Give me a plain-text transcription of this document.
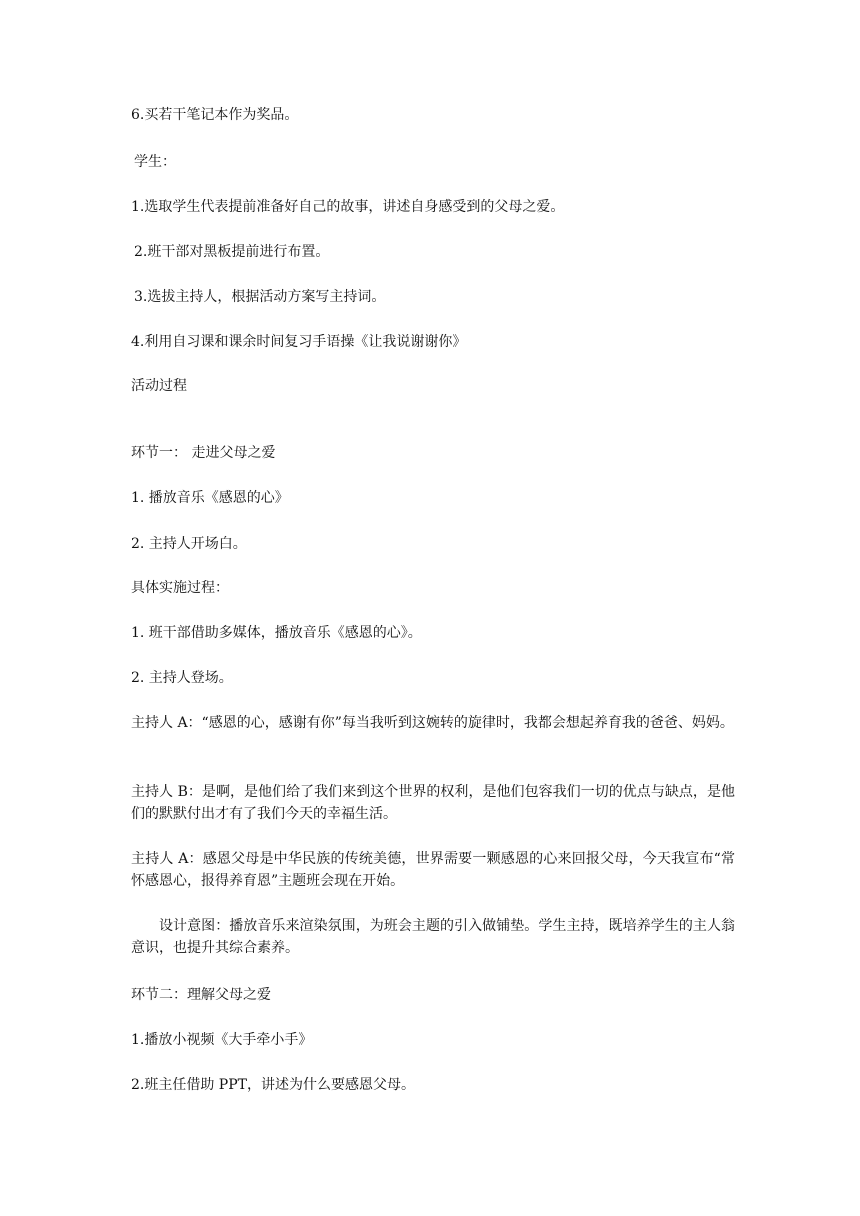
6.买若干笔记本作为奖品。
学生：
1.选取学生代表提前准备好自己的故事，讲述自身感受到的父母之爱。
2.班干部对黑板提前进行布置。
3.选拔主持人，根据活动方案写主持词。
4.利用自习课和课余时间复习手语操《让我说谢谢你》
活动过程
环节一： 走进父母之爱
1. 播放音乐《感恩的心》
2. 主持人开场白。
具体实施过程：
1. 班干部借助多媒体，播放音乐《感恩的心》。
2. 主持人登场。
主持人 A：“感恩的心，感谢有你”每当我听到这婉转的旋律时，我都会想起养育我的爸爸、妈妈。
主持人 B：是啊，是他们给了我们来到这个世界的权利，是他们包容我们一切的优点与缺点，是他们的默默付出才有了我们今天的幸福生活。
主持人 A：感恩父母是中华民族的传统美德，世界需要一颗感恩的心来回报父母，今天我宣布“常怀感恩心，报得养育恩”主题班会现在开始。
设计意图：播放音乐来渲染氛围，为班会主题的引入做铺垫。学生主持，既培养学生的主人翁意识，也提升其综合素养。
环节二：理解父母之爱
1.播放小视频《大手牵小手》
2.班主任借助 PPT，讲述为什么要感恩父母。
